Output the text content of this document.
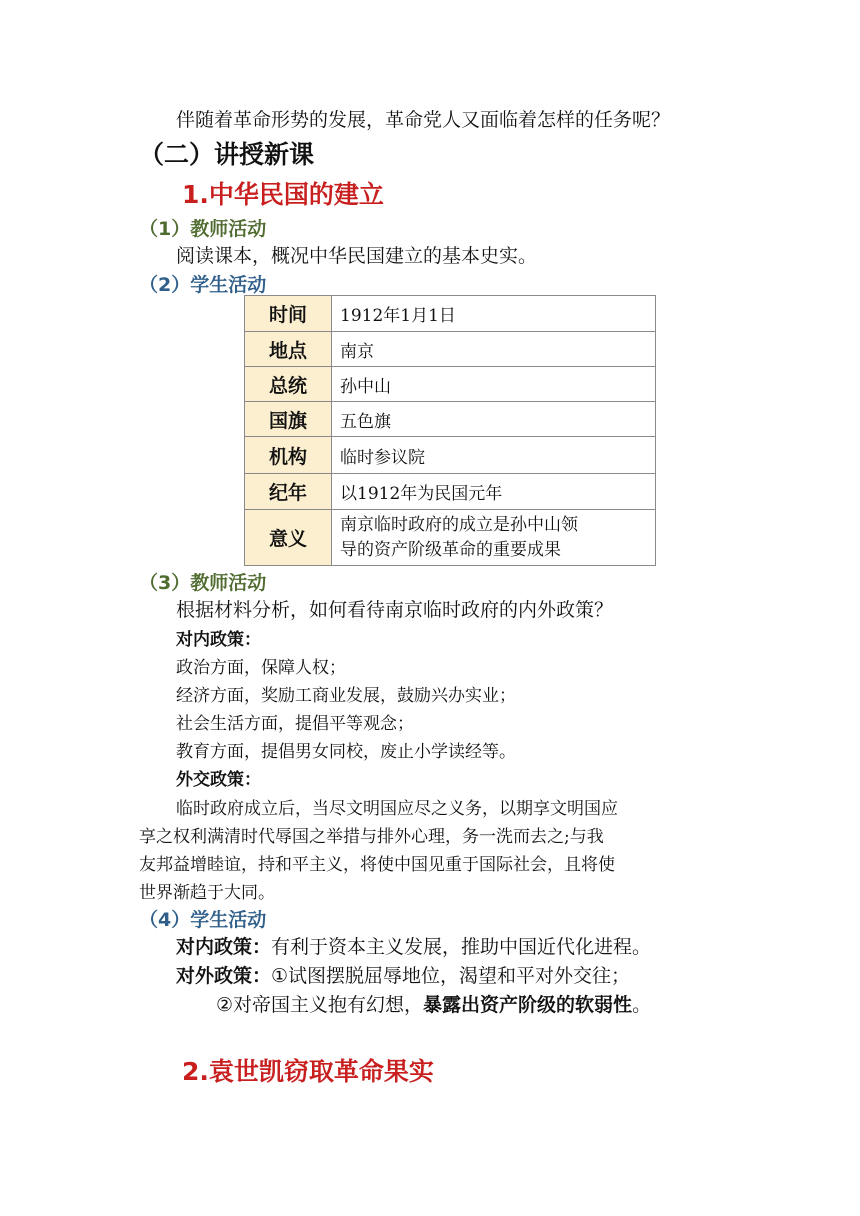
伴随着革命形势的发展，革命党人又面临着怎样的任务呢？
（二）讲授新课
1.中华民国的建立
（1）教师活动
阅读课本，概况中华民国建立的基本史实。
（2）学生活动
时间	1912年1月1日
地点	南京
总统	孙中山
国旗	五色旗
机构	临时参议院
纪年	以1912年为民国元年
意义	南京临时政府的成立是孙中山领
导的资产阶级革命的重要成果
（3）教师活动
根据材料分析，如何看待南京临时政府的内外政策？
对内政策：
政治方面，保障人权；
经济方面，奖励工商业发展，鼓励兴办实业；
社会生活方面，提倡平等观念；
教育方面，提倡男女同校，废止小学读经等。
外交政策：
临时政府成立后，当尽文明国应尽之义务，以期享文明国应
享之权利满清时代辱国之举措与排外心理，务一洗而去之;与我
友邦益增睦谊，持和平主义，将使中国见重于国际社会，且将使
世界渐趋于大同。
（4）学生活动
对内政策：有利于资本主义发展，推助中国近代化进程。
对外政策：①试图摆脱屈辱地位，渴望和平对外交往；
②对帝国主义抱有幻想，暴露出资产阶级的软弱性。
2.袁世凯窃取革命果实
